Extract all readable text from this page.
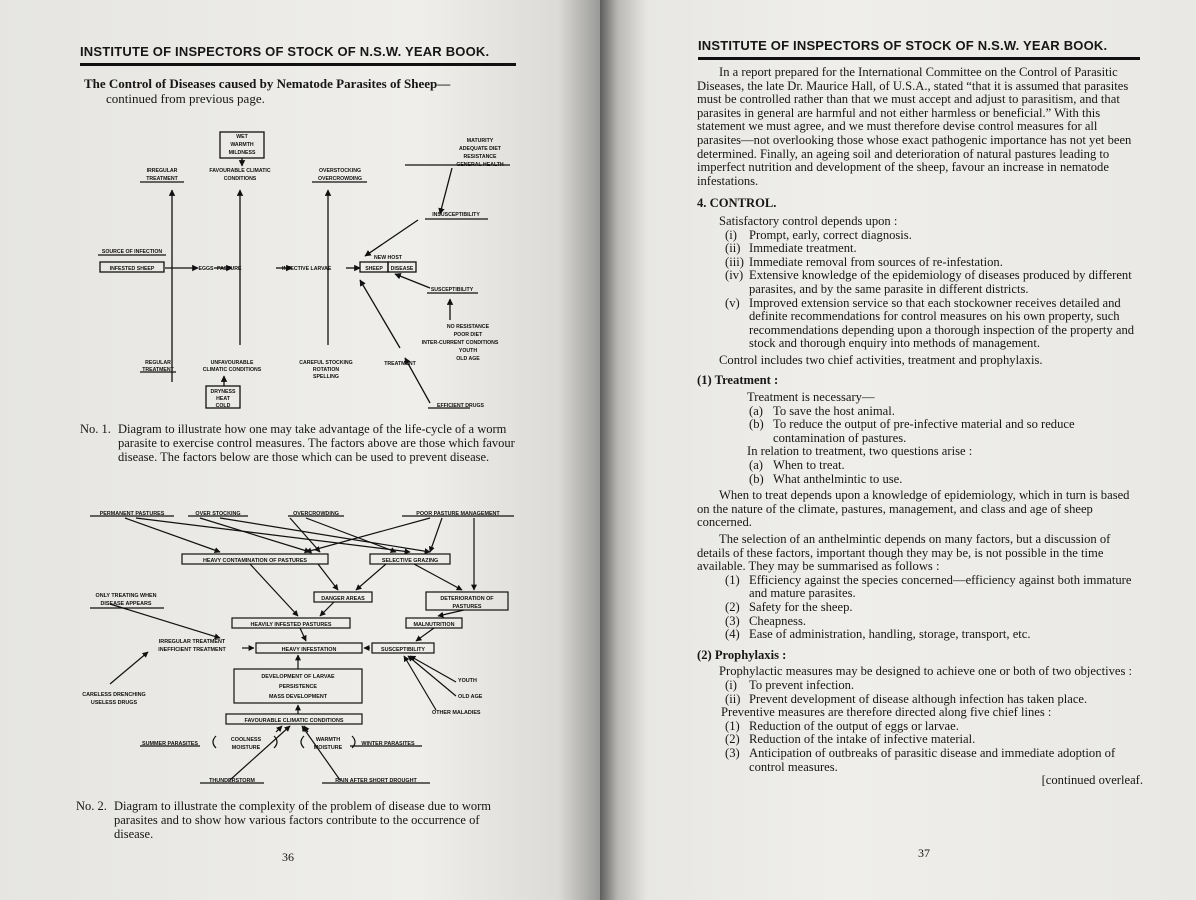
INSTITUTE OF INSPECTORS OF STOCK OF N.S.W. YEAR BOOK.
The Control of Diseases caused by Nematode Parasites of Sheep—
continued from previous page.
WET
WARMTH
MILDNESS
IRREGULAR
TREATMENT
FAVOURABLE CLIMATIC
CONDITIONS
OVERSTOCKING
OVERCROWDING
MATURITY
ADEQUATE DIET
RESISTANCE
GENERAL HEALTH
INSUSCEPTIBILITY
SOURCE OF INFECTION
INFESTED SHEEP	EGGS PASTURE	INFECTIVE LARVAE
NEW HOST
SHEEP DISEASE
SUSCEPTIBILITY
NO RESISTANCE
POOR DIET
INTER-CURRENT CONDITIONS
YOUTH
OLD AGE
REGULAR
TREATMENT
UNFAVOURABLE
CLIMATIC CONDITIONS
CAREFUL STOCKING
ROTATION
SPELLING
TREATMENT
DRYNESS
HEAT
COLD	EFFICIENT DRUGS
No. 1. Diagram to illustrate how one may take advantage of the life-cycle of a worm parasite to exercise control measures. The factors above are those which favour disease. The factors below are those which can be used to prevent disease.
PERMANENT PASTURES	OVER STOCKING	OVERCROWDING	POOR PASTURE MANAGEMENT
HEAVY CONTAMINATION OF PASTURES	SELECTIVE GRAZING
ONLY TREATING WHEN
DISEASE APPEARS
DANGER AREAS	DETERIORATION OF
PASTURES
HEAVILY INFESTED PASTURES	MALNUTRITION
IRREGULAR TREATMENT
INEFFICIENT TREATMENT	HEAVY INFESTATION	SUSCEPTIBILITY
DEVELOPMENT OF LARVAE
PERSISTENCE
MASS DEVELOPMENT
YOUTH
OLD AGE
OTHER MALADIES
CARELESS DRENCHING
USELESS DRUGS
FAVOURABLE CLIMATIC CONDITIONS
SUMMER PARASITES
COOLNESS
MOISTURE
WARMTH
MOISTURE
WINTER PARASITES
THUNDERSTORM	RAIN AFTER SHORT DROUGHT
No. 2. Diagram to illustrate the complexity of the problem of disease due to worm parasites and to show how various factors contribute to the occurrence of disease.
36
INSTITUTE OF INSPECTORS OF STOCK OF N.S.W. YEAR BOOK.

In a report prepared for the International Committee on the Control of Parasitic Diseases, the late Dr. Maurice Hall, of U.S.A., stated “that it is assumed that parasites must be controlled rather than that we must accept and adjust to parasitism, and that parasites in general are harmful and not either harmless or beneficial.” With this statement we must agree, and we must therefore devise control measures for all parasites—not overlooking those whose exact pathogenic importance has not yet been determined. Finally, an ageing soil and deterioration of natural pastures leading to imperfect nutrition and development of the sheep, favour an increase in nematode infestations.

4. CONTROL.

Satisfactory control depends upon :

(i) Prompt, early, correct diagnosis.
(ii) Immediate treatment.
(iii) Immediate removal from sources of re-infestation.
(iv) Extensive knowledge of the epidemiology of diseases produced by different parasites, and by the same parasite in different districts.
(v) Improved extension service so that each stockowner receives detailed and definite recommendations for control measures on his own property, such recommendations depending upon a thorough inspection of the property and stock and thorough enquiry into methods of management.

Control includes two chief activities, treatment and prophylaxis.

(1) Treatment :

Treatment is necessary—

(a) To save the host animal.
(b) To reduce the output of pre-infective material and so reduce contamination of pastures.

In relation to treatment, two questions arise :

(a) When to treat.
(b) What anthelmintic to use.

When to treat depends upon a knowledge of epidemiology, which in turn is based on the nature of the climate, pastures, management, and class and age of sheep concerned.

The selection of an anthelmintic depends on many factors, but a discussion of details of these factors, important though they may be, is not possible in the time available. They may be summarised as follows :

(1) Efficiency against the species concerned—efficiency against both immature and mature parasites.
(2) Safety for the sheep.
(3) Cheapness.
(4) Ease of administration, handling, storage, transport, etc.

(2) Prophylaxis :

Prophylactic measures may be designed to achieve one or both of two objectives :

(i) To prevent infection.
(ii) Prevent development of disease although infection has taken place.

Preventive measures are therefore directed along five chief lines :

(1) Reduction of the output of eggs or larvae.
(2) Reduction of the intake of infective material.
(3) Anticipation of outbreaks of parasitic disease and immediate adoption of control measures.

[continued overleaf.

37
